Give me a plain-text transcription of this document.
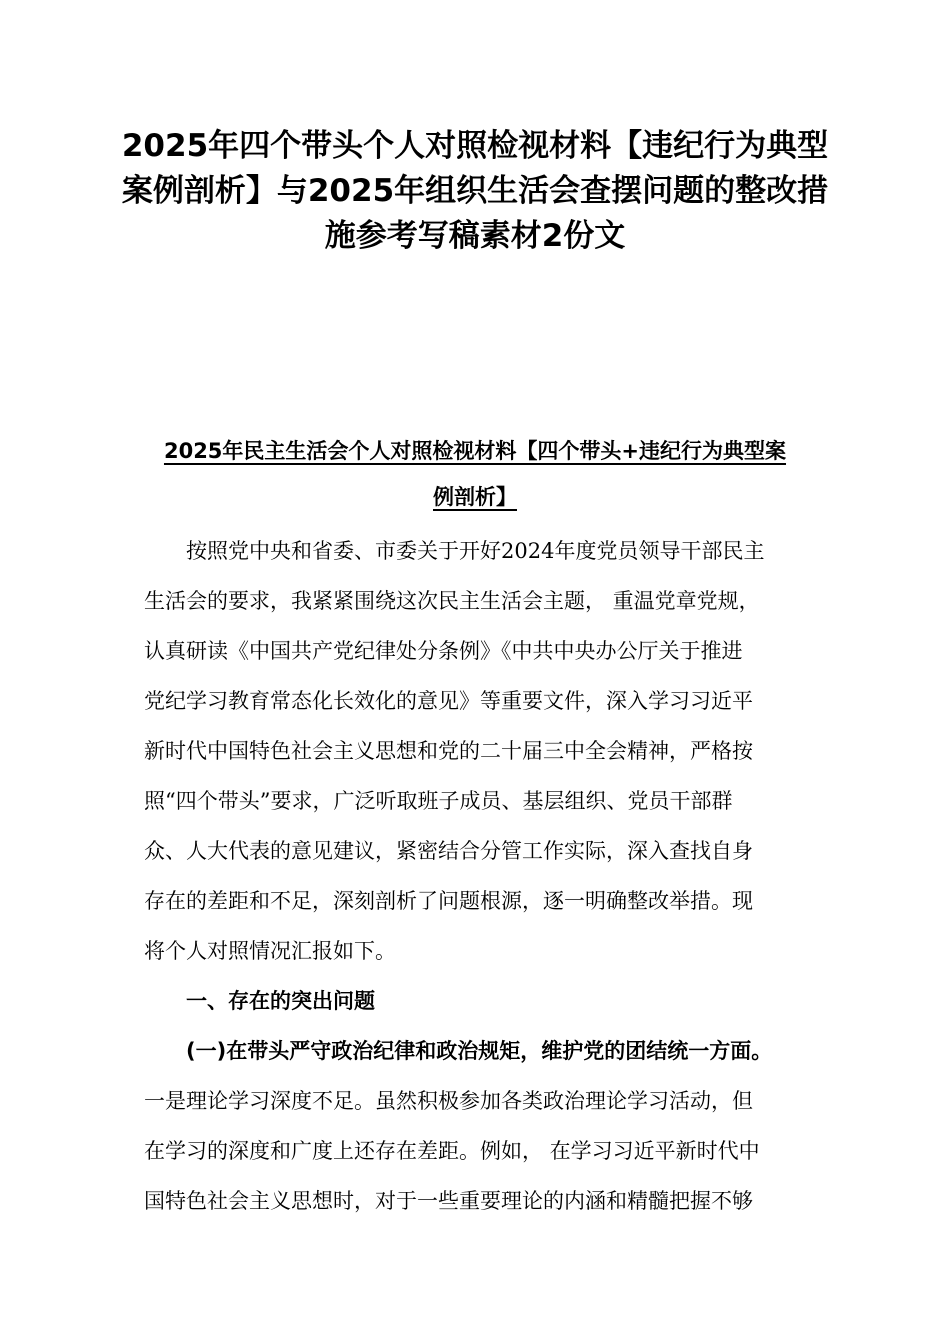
2025年四个带头个人对照检视材料【违纪行为典型
案例剖析】与2025年组织生活会查摆问题的整改措
施参考写稿素材2份文
2025年民主生活会个人对照检视材料【四个带头+违纪行为典型案
例剖析】
按照党中央和省委、市委关于开好2024年度党员领导干部民主
生活会的要求，我紧紧围绕这次民主生活会主题， 重温党章党规，
认真研读《中国共产党纪律处分条例》《中共中央办公厅关于推进
党纪学习教育常态化长效化的意见》等重要文件，深入学习习近平
新时代中国特色社会主义思想和党的二十届三中全会精神，严格按
照“四个带头”要求，广泛听取班子成员、基层组织、党员干部群
众、人大代表的意见建议，紧密结合分管工作实际，深入查找自身
存在的差距和不足，深刻剖析了问题根源，逐一明确整改举措。现
将个人对照情况汇报如下。
一、存在的突出问题
(一)在带头严守政治纪律和政治规矩，维护党的团结统一方面。
一是理论学习深度不足。虽然积极参加各类政治理论学习活动，但
在学习的深度和广度上还存在差距。例如， 在学习习近平新时代中
国特色社会主义思想时，对于一些重要理论的内涵和精髓把握不够
